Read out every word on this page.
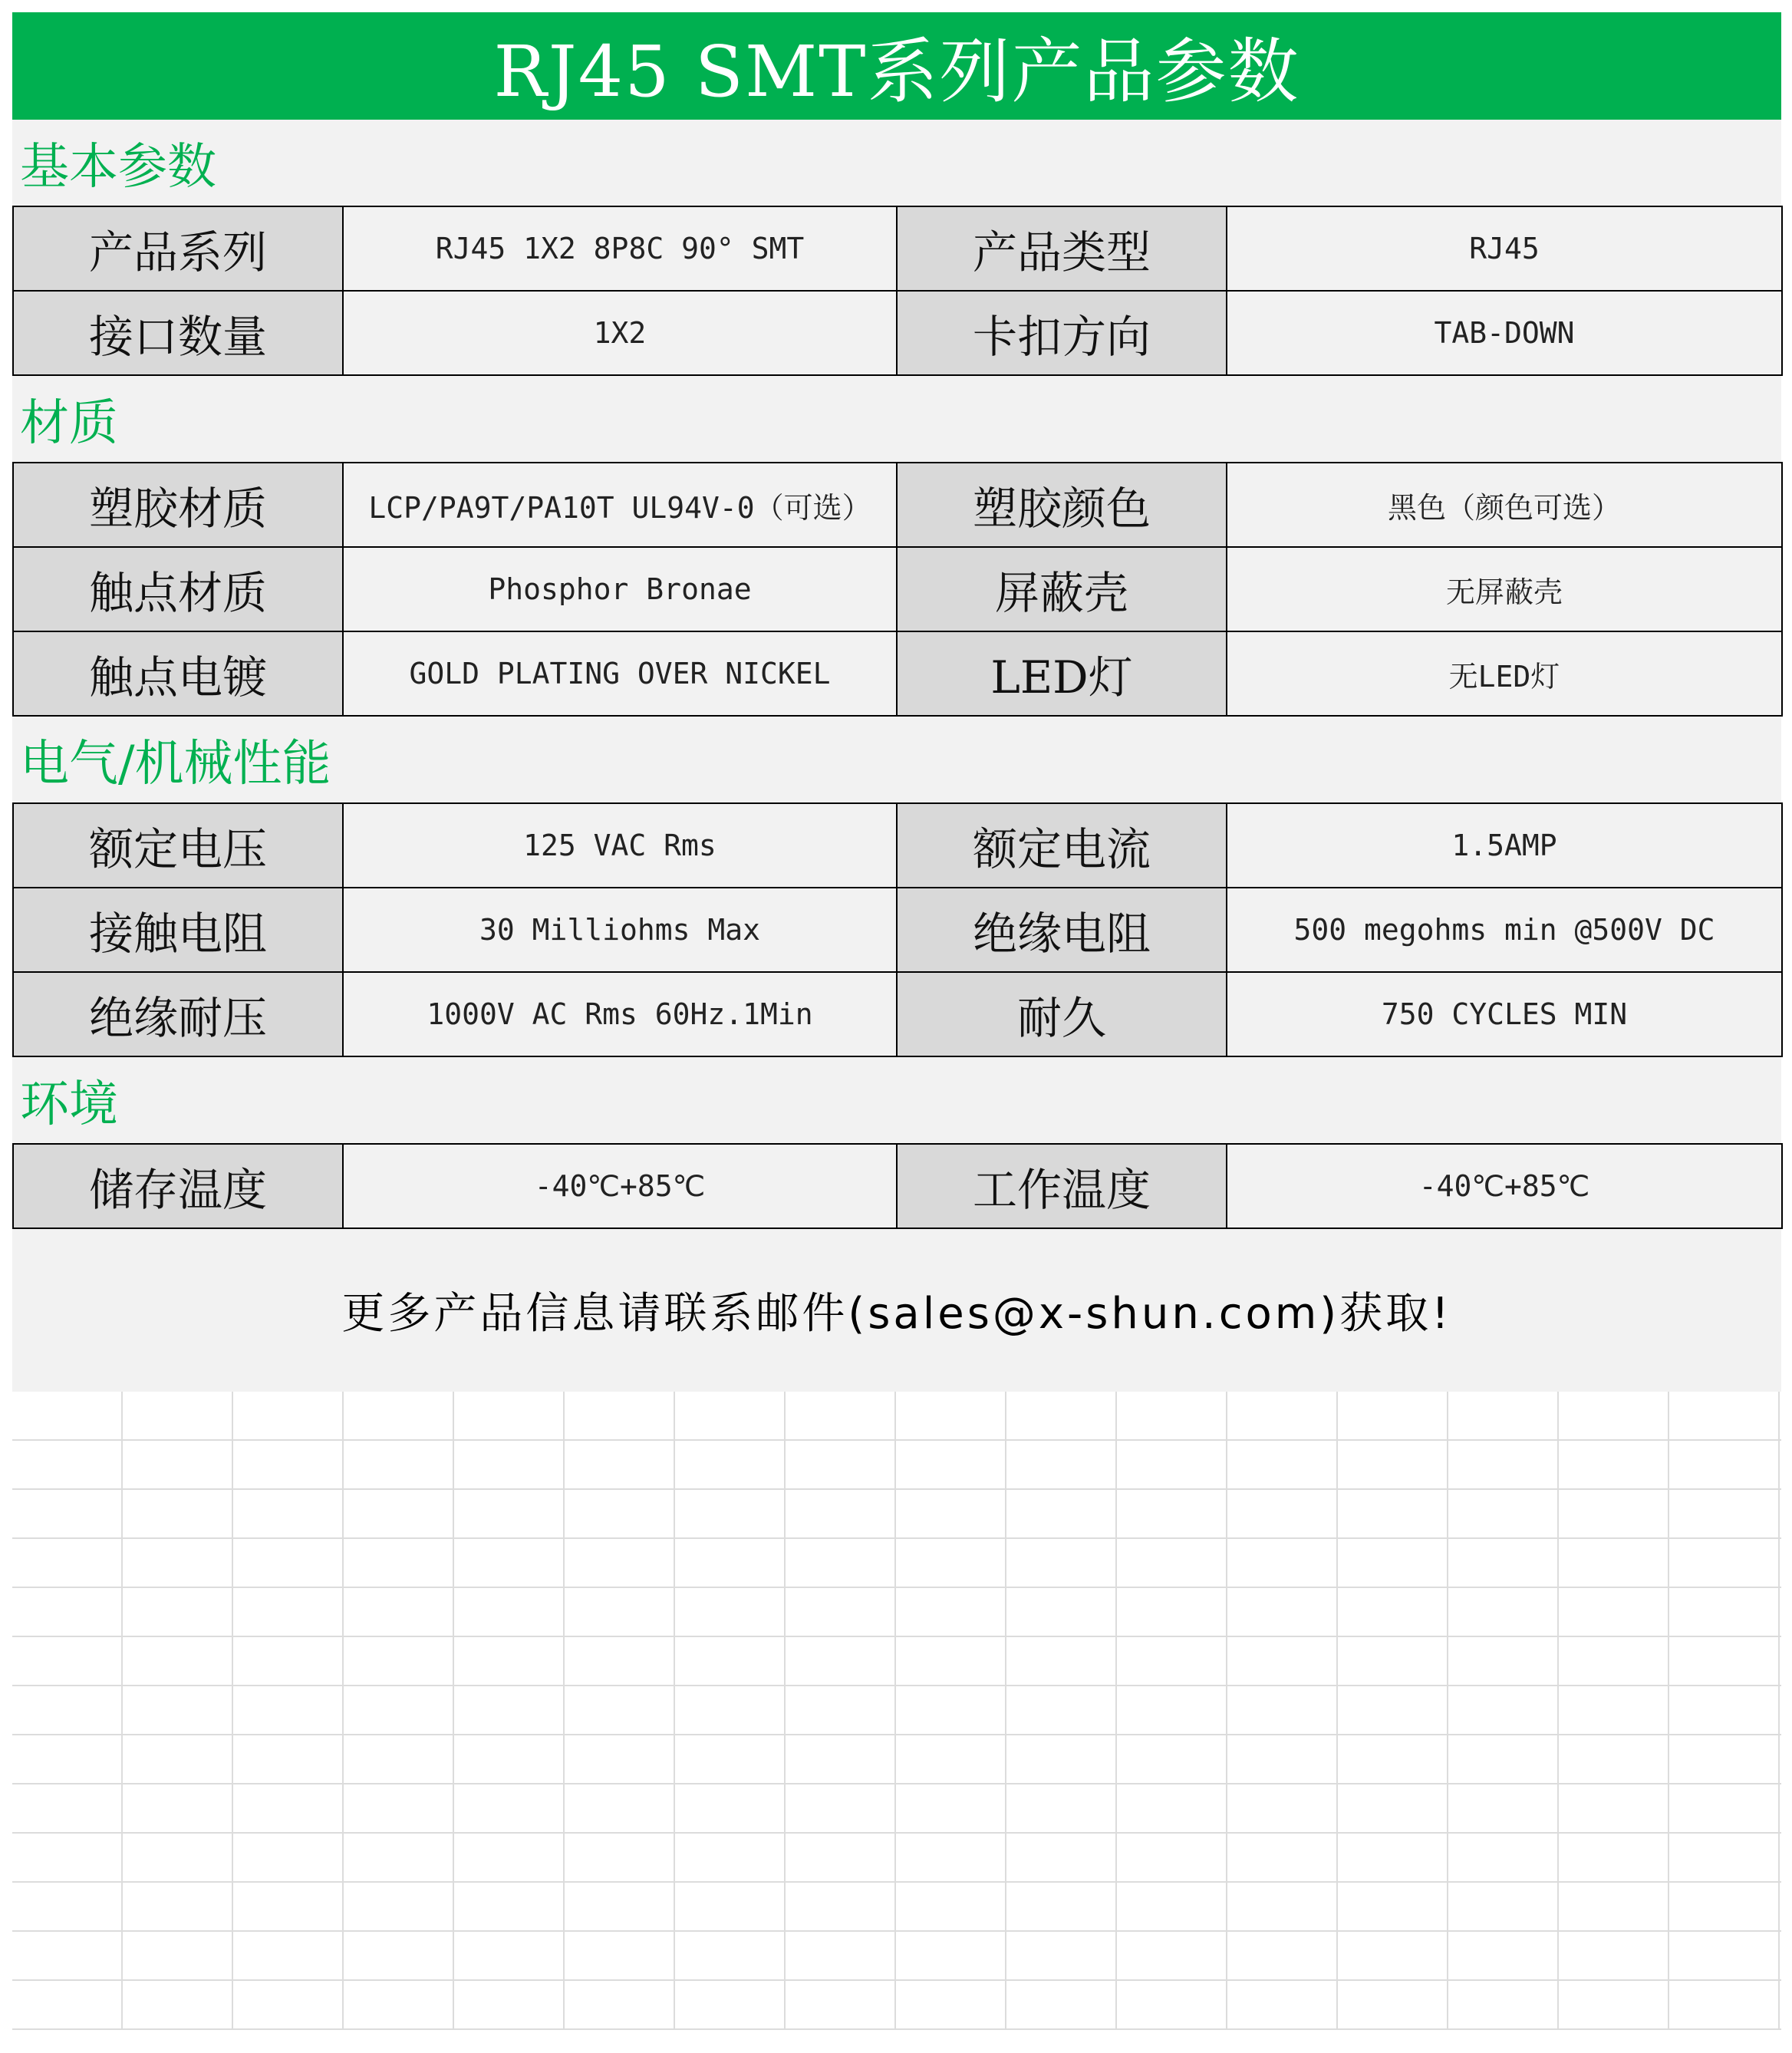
RJ45 SMT系列产品参数
基本参数
产品系列	RJ45 1X2 8P8C 90° SMT	产品类型	RJ45
接口数量	1X2	卡扣方向	TAB-DOWN
材质
塑胶材质	LCP/PA9T/PA10T UL94V-0（可选）	塑胶颜色	黑色（颜色可选）
触点材质	Phosphor Bronae	屏蔽壳	无屏蔽壳
触点电镀	GOLD PLATING OVER NICKEL	LED灯	无LED灯
电气/机械性能
额定电压	125 VAC Rms	额定电流	1.5AMP
接触电阻	30 Milliohms Max	绝缘电阻	500 megohms min @500V DC
绝缘耐压	1000V AC Rms 60Hz.1Min	耐久	750 CYCLES MIN
环境
储存温度	-40℃+85℃	工作温度	-40℃+85℃
更多产品信息请联系邮件(sales@x-shun.com)获取!
